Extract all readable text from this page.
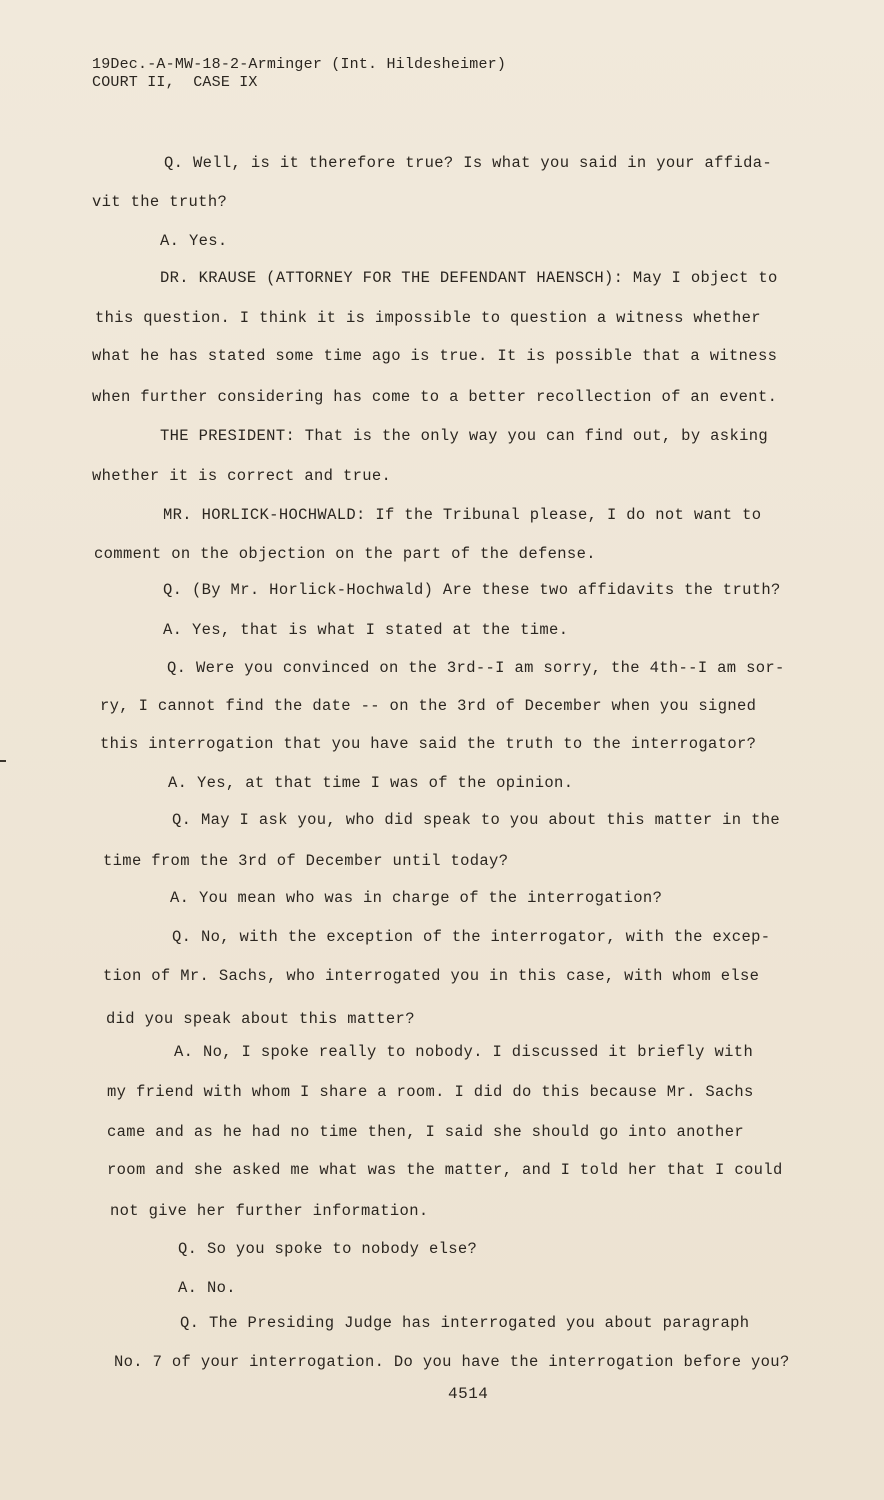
19Dec.-A-MW-18-2-Arminger (Int. Hildesheimer)
COURT II,  CASE IX
Q. Well, is it therefore true? Is what you said in your affida-
vit the truth?
A. Yes.
DR. KRAUSE (ATTORNEY FOR THE DEFENDANT HAENSCH): May I object to
this question. I think it is impossible to question a witness whether
what he has stated some time ago is true. It is possible that a witness
when further considering has come to a better recollection of an event.
THE PRESIDENT: That is the only way you can find out, by asking
whether it is correct and true.
MR. HORLICK-HOCHWALD: If the Tribunal please, I do not want to
comment on the objection on the part of the defense.
Q. (By Mr. Horlick-Hochwald) Are these two affidavits the truth?
A. Yes, that is what I stated at the time.
Q. Were you convinced on the 3rd--I am sorry, the 4th--I am sor-
ry, I cannot find the date -- on the 3rd of December when you signed
this interrogation that you have said the truth to the interrogator?
A. Yes, at that time I was of the opinion.
Q. May I ask you, who did speak to you about this matter in the
time from the 3rd of December until today?
A. You mean who was in charge of the interrogation?
Q. No, with the exception of the interrogator, with the excep-
tion of Mr. Sachs, who interrogated you in this case, with whom else
did you speak about this matter?
A. No, I spoke really to nobody. I discussed it briefly with
my friend with whom I share a room. I did do this because Mr. Sachs
came and as he had no time then, I said she should go into another
room and she asked me what was the matter, and I told her that I could
not give her further information.
Q. So you spoke to nobody else?
A. No.
Q. The Presiding Judge has interrogated you about paragraph
No. 7 of your interrogation. Do you have the interrogation before you?
4514
